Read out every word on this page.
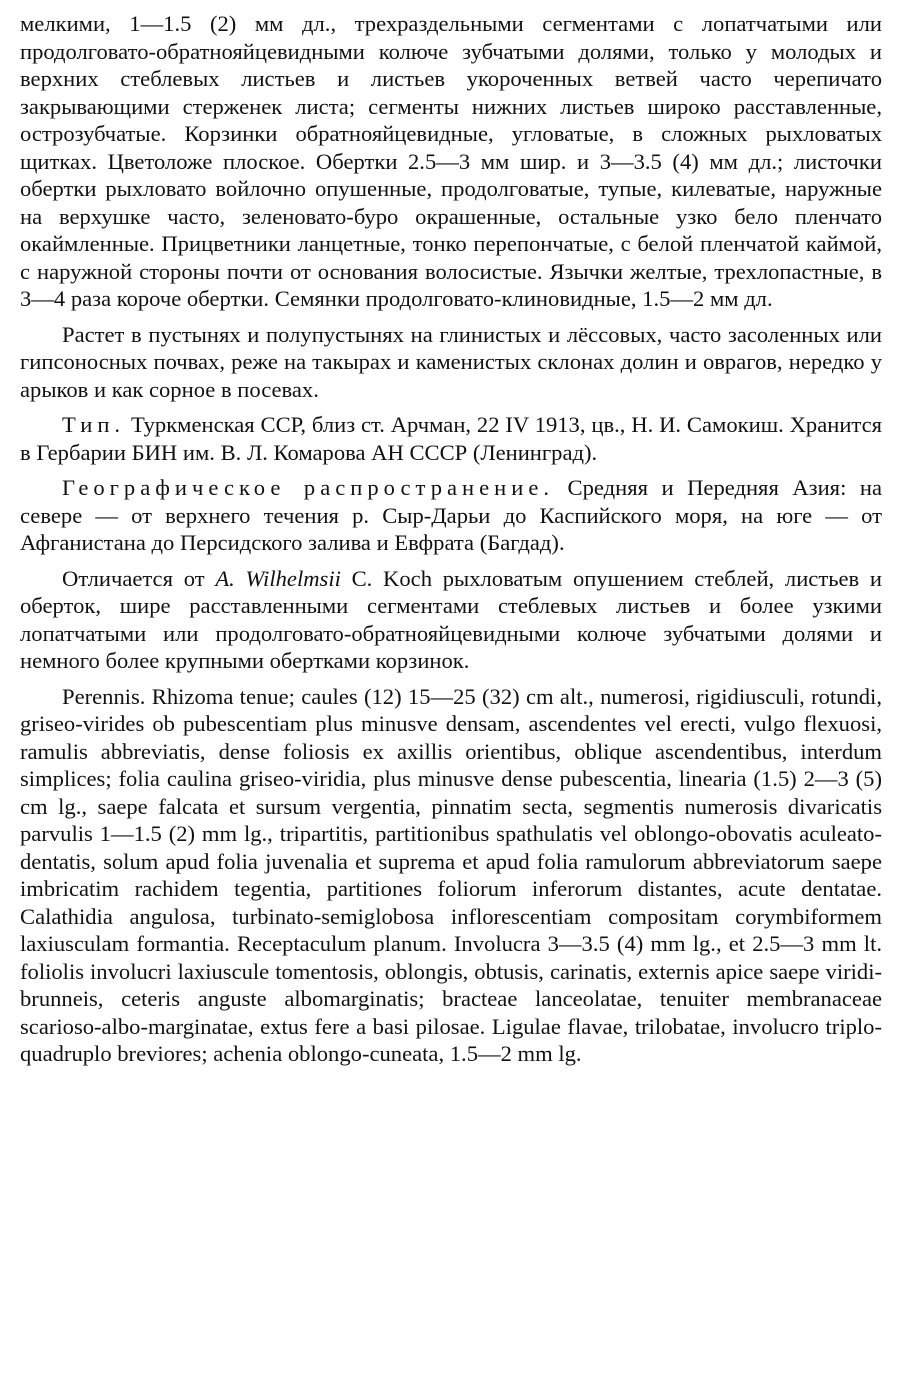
мелкими, 1—1.5 (2) мм дл., трехраздельными сегментами с лопатчатыми или продолговато-обратнояйцевидными колюче зубчатыми долями, только у молодых и верхних стеблевых листьев и листьев укороченных ветвей часто черепичато закрывающими стерженек листа; сегменты нижних листьев широко расставленные, острозубчатые. Корзинки обратнояйцевидные, угловатые, в сложных рыхловатых щитках. Цветоложе плоское. Обертки 2.5—3 мм шир. и 3—3.5 (4) мм дл.; листочки обертки рыхловато войлочно опушенные, продолговатые, тупые, килеватые, наружные на верхушке часто, зеленовато-буро окрашенные, остальные узко бело пленчато окаймленные. Прицветники ланцетные, тонко перепончатые, с белой пленчатой каймой, с наружной стороны почти от основания волосистые. Язычки желтые, трехлопастные, в 3—4 раза короче обертки. Семянки продолговато-клиновидные, 1.5—2 мм дл.

Растет в пустынях и полупустынях на глинистых и лёссовых, часто засоленных или гипсоносных почвах, реже на такырах и каменистых склонах долин и оврагов, нередко у арыков и как сорное в посевах.

Тип. Туркменская ССР, близ ст. Арчман, 22 IV 1913, цв., Н. И. Самокиш. Хранится в Гербарии БИН им. В. Л. Комарова АН СССР (Ленинград).

Географическое распространение. Средняя и Передняя Азия: на севере — от верхнего течения р. Сыр-Дарьи до Каспийского моря, на юге — от Афганистана до Персидского залива и Евфрата (Багдад).

Отличается от A. Wilhelmsii C. Koch рыхловатым опушением стеблей, листьев и оберток, шире расставленными сегментами стеблевых листьев и более узкими лопатчатыми или продолговато-обратнояйцевидными колюче зубчатыми долями и немного более крупными обертками корзинок.

Perennis. Rhizoma tenue; caules (12) 15—25 (32) cm alt., numerosi, rigidiusculi, rotundi, griseo-virides ob pubescentiam plus minusve densam, ascendentes vel erecti, vulgo flexuosi, ramulis abbreviatis, dense foliosis ex axillis orientibus, oblique ascendentibus, interdum simplices; folia caulina griseo-viridia, plus minusve dense pubescentia, linearia (1.5) 2—3 (5) cm lg., saepe falcata et sursum vergentia, pinnatim secta, segmentis numerosis divaricatis parvulis 1—1.5 (2) mm lg., tripartitis, partitionibus spathulatis vel oblongo-obovatis aculeato-dentatis, solum apud folia juvenalia et suprema et apud folia ramulorum abbreviatorum saepe imbricatim rachidem tegentia, partitiones foliorum inferorum distantes, acute dentatae. Calathidia angulosa, turbinato-semiglobosa inflorescentiam compositam corymbiformem laxiusculam formantia. Receptaculum planum. Involucra 3—3.5 (4) mm lg., et 2.5—3 mm lt. foliolis involucri laxiuscule tomentosis, oblongis, obtusis, carinatis, externis apice saepe viridi-brunneis, ceteris anguste albomarginatis; bracteae lanceolatae, tenuiter membranaceae scarioso-albo-marginatae, extus fere a basi pilosae. Ligulae flavae, trilobatae, involucro triplo-quadruplo breviores; achenia oblongo-cuneata, 1.5—2 mm lg.
